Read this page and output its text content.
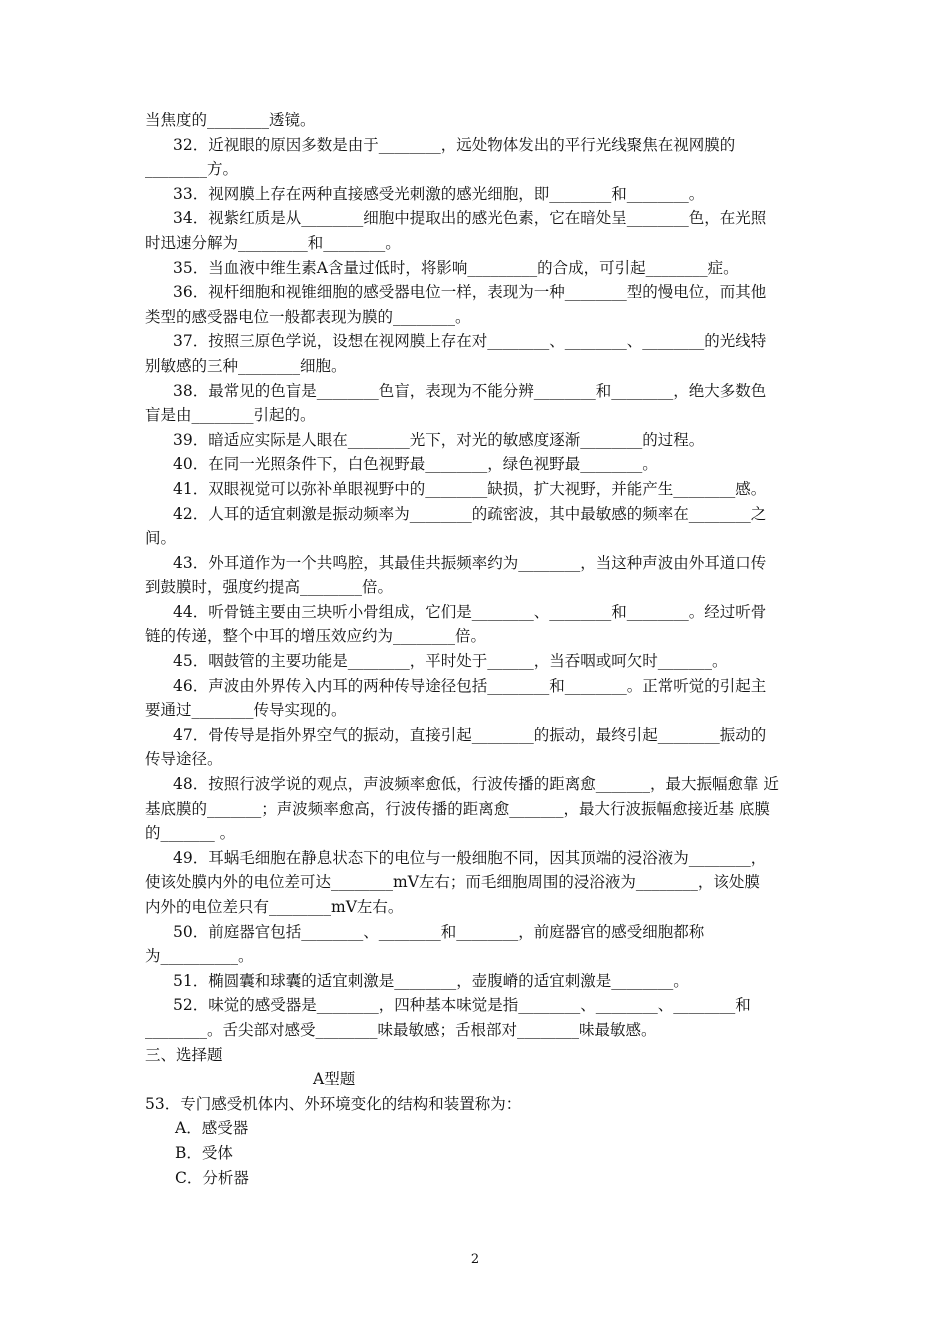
当焦度的________透镜。
32．近视眼的原因多数是由于________，远处物体发出的平行光线聚焦在视网膜的
________方。
33．视网膜上存在两种直接感受光刺激的感光细胞，即________和________。
34．视紫红质是从________细胞中提取出的感光色素，它在暗处呈________色，在光照
时迅速分解为_________和________。
35．当血液中维生素A含量过低时，将影响_________的合成，可引起________症。
36．视杆细胞和视锥细胞的感受器电位一样，表现为一种________型的慢电位，而其他
类型的感受器电位一般都表现为膜的________。
37．按照三原色学说，设想在视网膜上存在对________、________、________的光线特
别敏感的三种________细胞。
38．最常见的色盲是________色盲，表现为不能分辨________和________，绝大多数色
盲是由________引起的。
39．暗适应实际是人眼在________光下，对光的敏感度逐渐________的过程。
40．在同一光照条件下，白色视野最________，绿色视野最________。
41．双眼视觉可以弥补单眼视野中的________缺损，扩大视野，并能产生________感。
42．人耳的适宜刺激是振动频率为________的疏密波，其中最敏感的频率在________之
间。
43．外耳道作为一个共鸣腔，其最佳共振频率约为________，当这种声波由外耳道口传
到鼓膜时，强度约提高________倍。
44．听骨链主要由三块听小骨组成，它们是________、________和________。经过听骨
链的传递，整个中耳的增压效应约为________倍。
45．咽鼓管的主要功能是________，平时处于______，当吞咽或呵欠时_______。
46．声波由外界传入内耳的两种传导途径包括________和________。正常听觉的引起主
要通过________传导实现的。
47．骨传导是指外界空气的振动，直接引起________的振动，最终引起________振动的
传导途径。
48．按照行波学说的观点，声波频率愈低，行波传播的距离愈_______，最大振幅愈靠 近
基底膜的_______；声波频率愈高，行波传播的距离愈_______，最大行波振幅愈接近基 底膜
的_______ 。
49．耳蜗毛细胞在静息状态下的电位与一般细胞不同，因其顶端的浸浴液为________，
使该处膜内外的电位差可达________mV左右；而毛细胞周围的浸浴液为________，该处膜
内外的电位差只有________mV左右。
50．前庭器官包括________、________和________，前庭器官的感受细胞都称
为__________。
51．椭圆囊和球囊的适宜刺激是________，壶腹嵴的适宜刺激是________。
52．味觉的感受器是________，四种基本味觉是指________、________、________和
________。舌尖部对感受________味最敏感；舌根部对________味最敏感。
三、选择题
A型题
53．专门感受机体内、外环境变化的结构和装置称为：
A．感受器
B．受体
C．分析器
2
